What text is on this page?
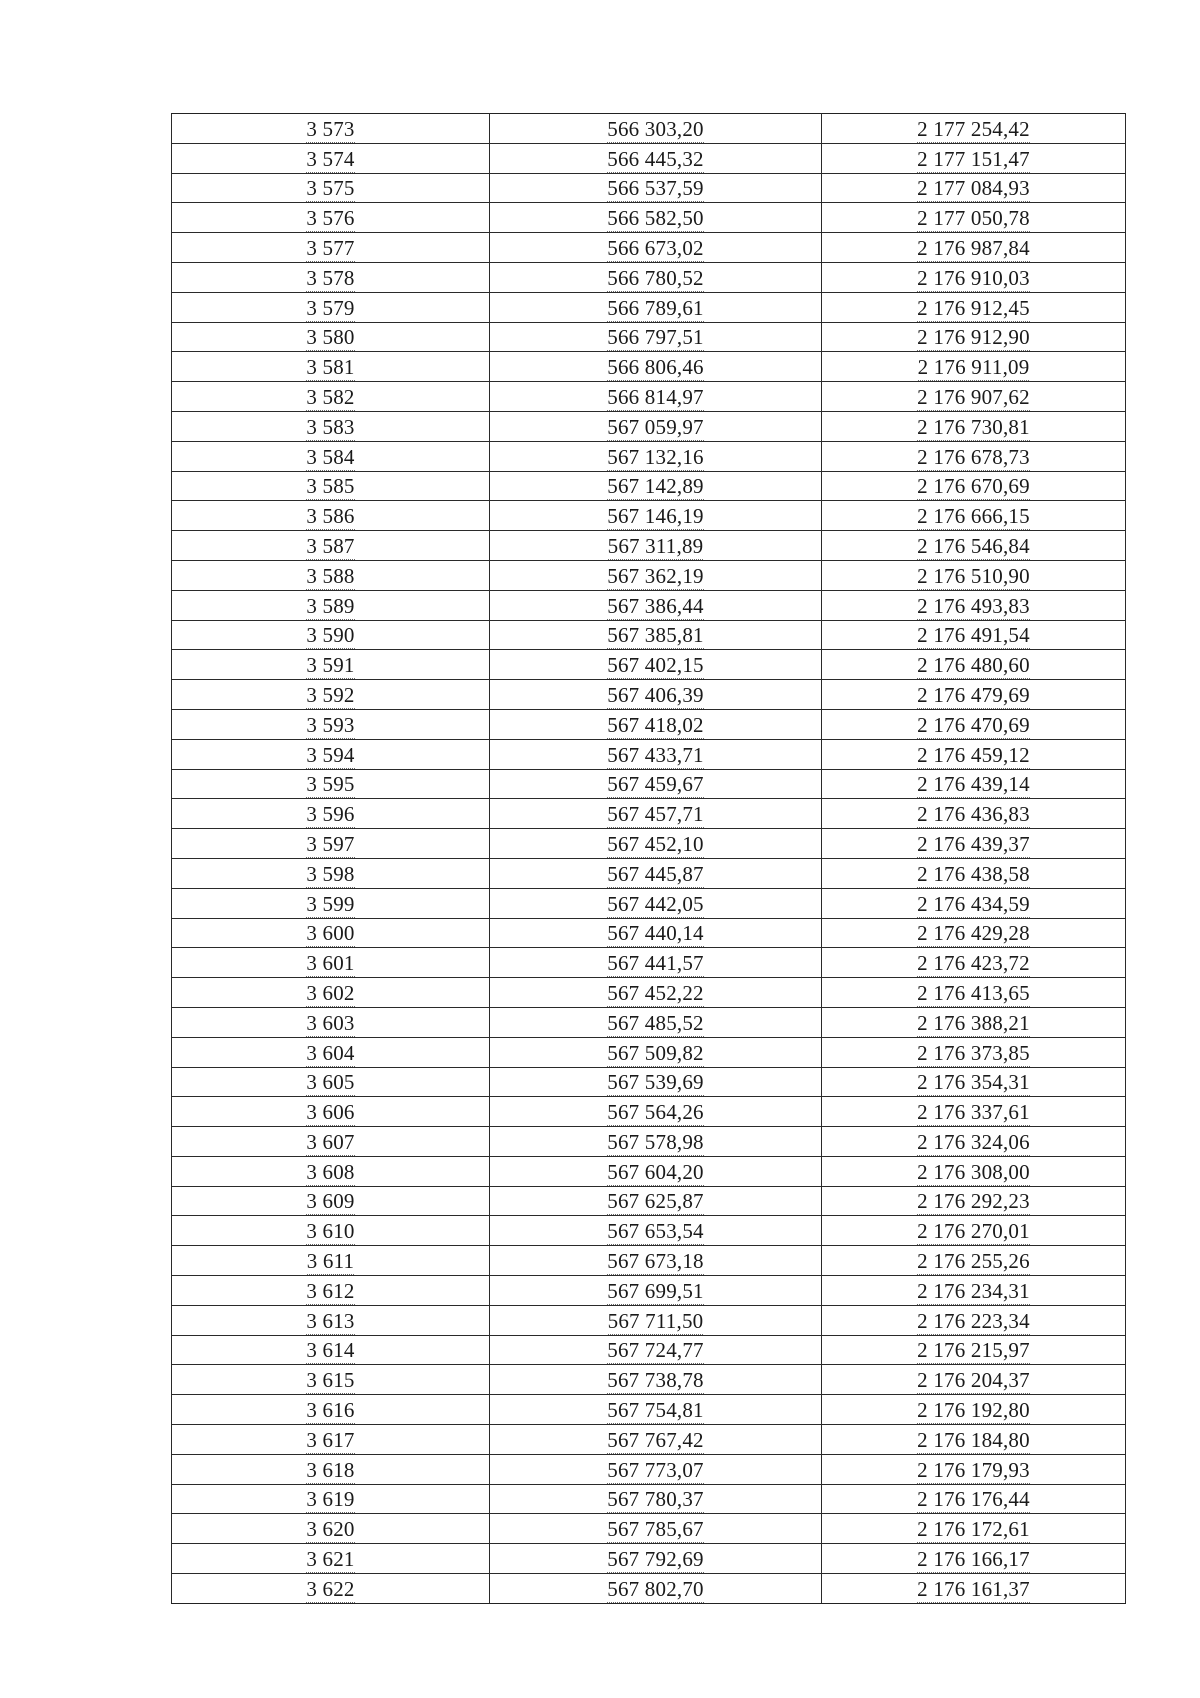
3 573	566 303,20	2 177 254,42
3 574	566 445,32	2 177 151,47
3 575	566 537,59	2 177 084,93
3 576	566 582,50	2 177 050,78
3 577	566 673,02	2 176 987,84
3 578	566 780,52	2 176 910,03
3 579	566 789,61	2 176 912,45
3 580	566 797,51	2 176 912,90
3 581	566 806,46	2 176 911,09
3 582	566 814,97	2 176 907,62
3 583	567 059,97	2 176 730,81
3 584	567 132,16	2 176 678,73
3 585	567 142,89	2 176 670,69
3 586	567 146,19	2 176 666,15
3 587	567 311,89	2 176 546,84
3 588	567 362,19	2 176 510,90
3 589	567 386,44	2 176 493,83
3 590	567 385,81	2 176 491,54
3 591	567 402,15	2 176 480,60
3 592	567 406,39	2 176 479,69
3 593	567 418,02	2 176 470,69
3 594	567 433,71	2 176 459,12
3 595	567 459,67	2 176 439,14
3 596	567 457,71	2 176 436,83
3 597	567 452,10	2 176 439,37
3 598	567 445,87	2 176 438,58
3 599	567 442,05	2 176 434,59
3 600	567 440,14	2 176 429,28
3 601	567 441,57	2 176 423,72
3 602	567 452,22	2 176 413,65
3 603	567 485,52	2 176 388,21
3 604	567 509,82	2 176 373,85
3 605	567 539,69	2 176 354,31
3 606	567 564,26	2 176 337,61
3 607	567 578,98	2 176 324,06
3 608	567 604,20	2 176 308,00
3 609	567 625,87	2 176 292,23
3 610	567 653,54	2 176 270,01
3 611	567 673,18	2 176 255,26
3 612	567 699,51	2 176 234,31
3 613	567 711,50	2 176 223,34
3 614	567 724,77	2 176 215,97
3 615	567 738,78	2 176 204,37
3 616	567 754,81	2 176 192,80
3 617	567 767,42	2 176 184,80
3 618	567 773,07	2 176 179,93
3 619	567 780,37	2 176 176,44
3 620	567 785,67	2 176 172,61
3 621	567 792,69	2 176 166,17
3 622	567 802,70	2 176 161,37
